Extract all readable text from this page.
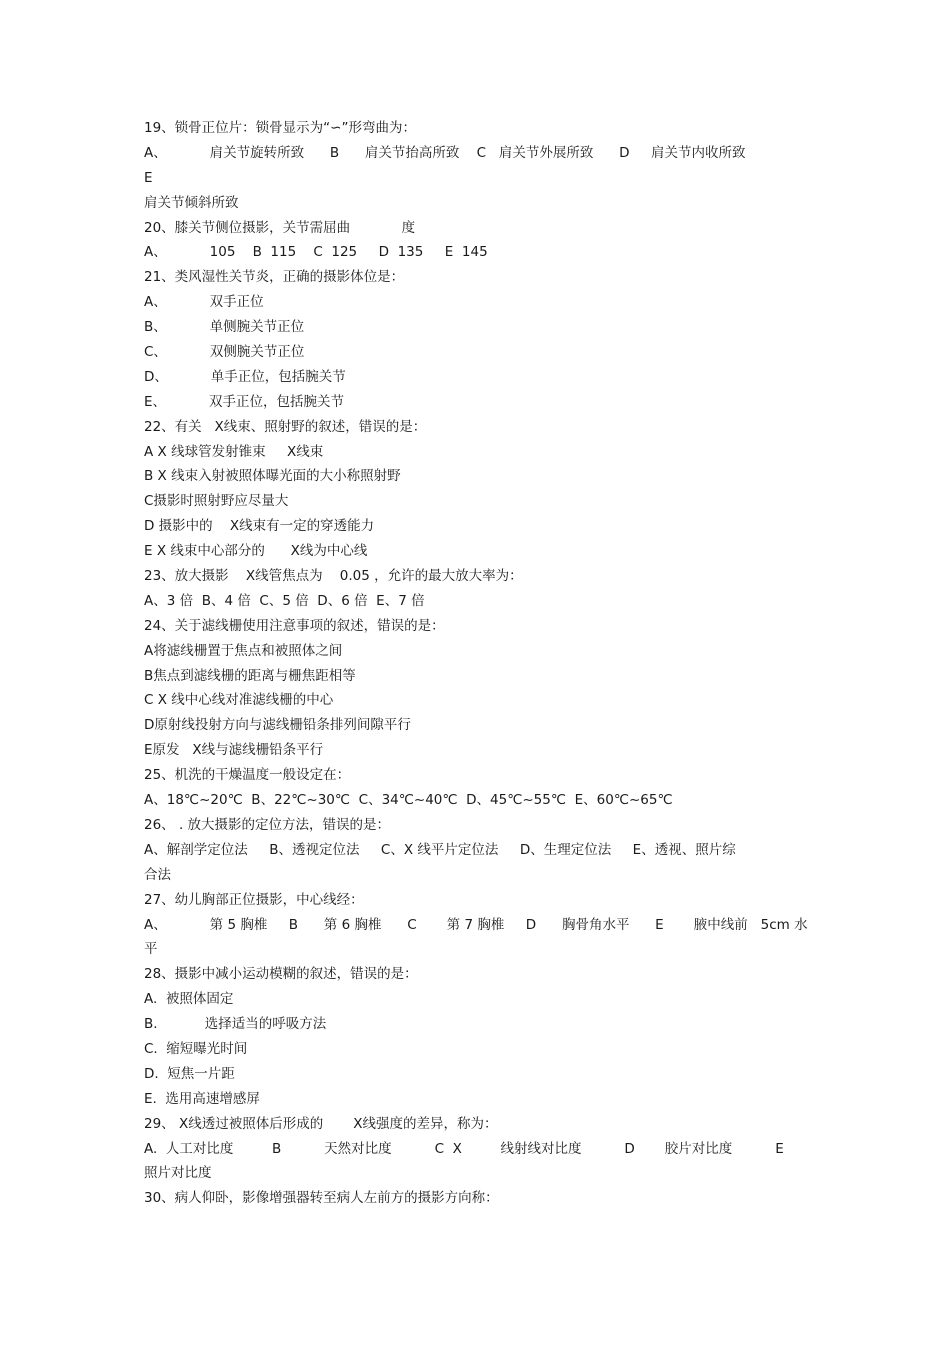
19、锁骨正位片：锁骨显示为“∽”形弯曲为：
A、          肩关节旋转所致      B      肩关节抬高所致    C   肩关节外展所致      D     肩关节内收所致
E
肩关节倾斜所致
20、膝关节侧位摄影，关节需屈曲            度
A、          105    B  115    C  125     D  135     E  145
21、类风湿性关节炎，正确的摄影体位是：
A、          双手正位
B、          单侧腕关节正位
C、          双侧腕关节正位
D、          单手正位，包括腕关节
E、          双手正位，包括腕关节
22、有关   X线束、照射野的叙述，错误的是：
A X 线球管发射锥束     X线束
B X 线束入射被照体曝光面的大小称照射野
C摄影时照射野应尽量大
D 摄影中的    X线束有一定的穿透能力
E X 线束中心部分的      X线为中心线
23、放大摄影    X线管焦点为    0.05 ，允许的最大放大率为：
A、3 倍  B、4 倍  C、5 倍  D、6 倍  E、7 倍
24、关于滤线栅使用注意事项的叙述，错误的是：
A将滤线栅置于焦点和被照体之间
B焦点到滤线栅的距离与栅焦距相等
C X 线中心线对准滤线栅的中心
D原射线投射方向与滤线栅铅条排列间隙平行
E原发   X线与滤线栅铅条平行
25、机洗的干燥温度一般设定在：
A、18℃~20℃  B、22℃~30℃  C、34℃~40℃  D、45℃~55℃  E、60℃~65℃
26、 . 放大摄影的定位方法，错误的是：
A、解剖学定位法     B、透视定位法     C、X 线平片定位法     D、生理定位法     E、透视、照片综
合法
27、幼儿胸部正位摄影，中心线经：
A、          第 5 胸椎     B      第 6 胸椎      C       第 7 胸椎     D      胸骨角水平      E       腋中线前   5cm 水
平
28、摄影中减小运动模糊的叙述，错误的是：
A.  被照体固定
B.           选择适当的呼吸方法
C.  缩短曝光时间
D.  短焦一片距
E.  选用高速增感屏
29、 X线透过被照体后形成的       X线强度的差异，称为：
A.  人工对比度         B          天然对比度          C  X         线射线对比度          D       胶片对比度          E
照片对比度
30、病人仰卧，影像增强器转至病人左前方的摄影方向称：
